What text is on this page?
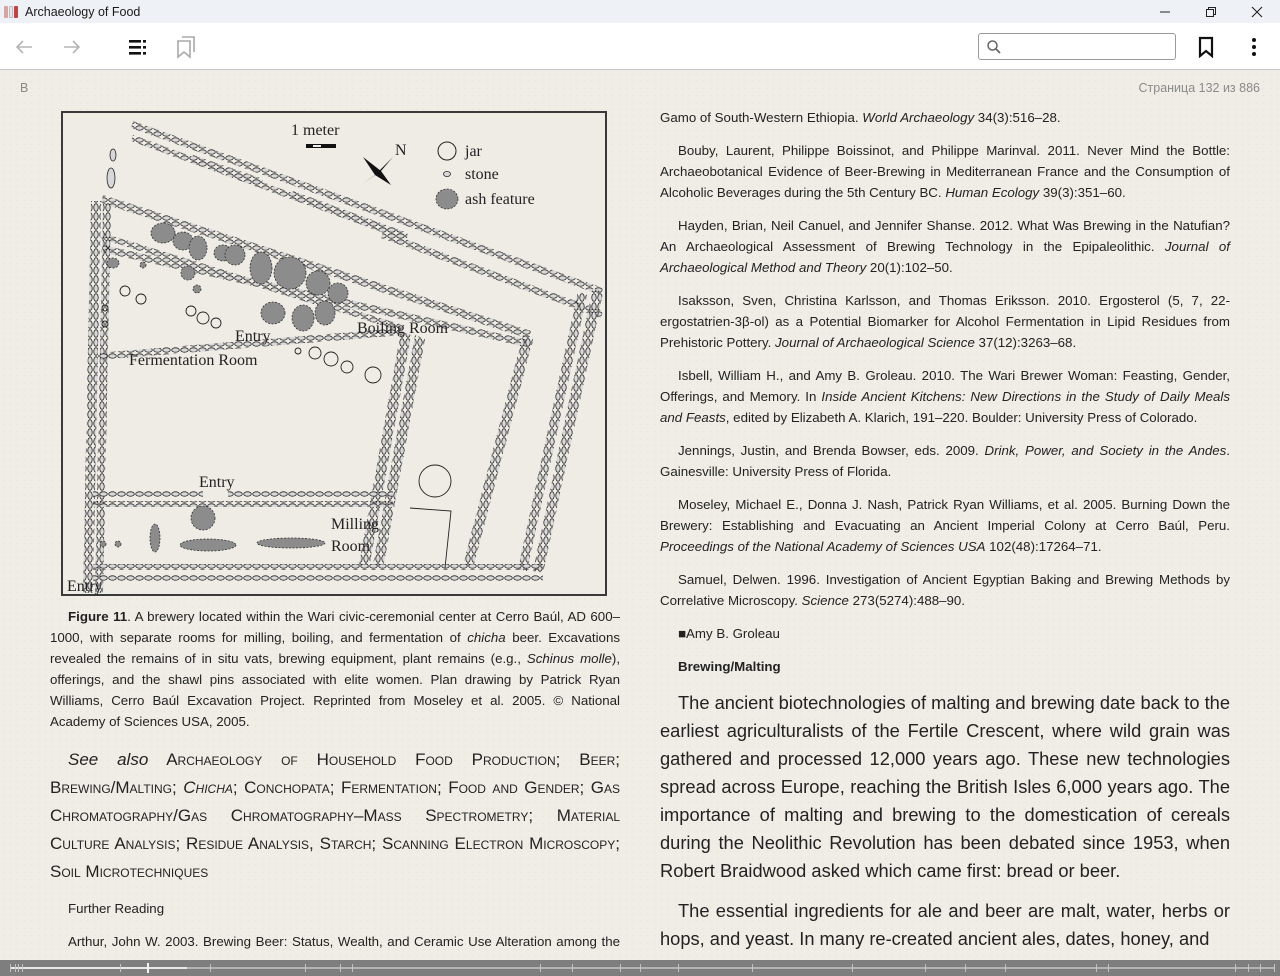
Archaeology of Food
B	Страница 132 из 886
1 meter
N	jar
stone
ash feature
Boiling Room
Entry
Fermentation Room
Entry
Milling
Room
Entry

Figure 11. A brewery located within the Wari civic-ceremonial center at Cerro Baúl, AD 600–1000, with separate rooms for milling, boiling, and fermentation of chicha beer. Excavations revealed the remains of in situ vats, brewing equipment, plant remains (e.g., Schinus molle), offerings, and the shawl pins associated with elite women. Plan drawing by Patrick Ryan Williams, Cerro Baúl Excavation Project. Reprinted from Moseley et al. 2005. © National Academy of Sciences USA, 2005.

See also Archaeology of Household Food Production; Beer; Brewing/Malting; Chicha; Conchopata; Fermentation; Food and Gender; Gas Chromatography/Gas Chromatography–Mass Spectrometry; Material Culture Analysis; Residue Analysis, Starch; Scanning Electron Microscopy; Soil Microtechniques

Further Reading

Arthur, John W. 2003. Brewing Beer: Status, Wealth, and Ceramic Use Alteration among the

Gamo of South-Western Ethiopia. World Archaeology 34(3):516–28.

Bouby, Laurent, Philippe Boissinot, and Philippe Marinval. 2011. Never Mind the Bottle: Archaeobotanical Evidence of Beer-Brewing in Mediterranean France and the Consumption of Alcoholic Beverages during the 5th Century BC. Human Ecology 39(3):351–60.

Hayden, Brian, Neil Canuel, and Jennifer Shanse. 2012. What Was Brewing in the Natufian? An Archaeological Assessment of Brewing Technology in the Epipaleolithic. Journal of Archaeological Method and Theory 20(1):102–50.

Isaksson, Sven, Christina Karlsson, and Thomas Eriksson. 2010. Ergosterol (5, 7, 22-ergostatrien-3β-ol) as a Potential Biomarker for Alcohol Fermentation in Lipid Residues from Prehistoric Pottery. Journal of Archaeological Science 37(12):3263–68.

Isbell, William H., and Amy B. Groleau. 2010. The Wari Brewer Woman: Feasting, Gender, Offerings, and Memory. In Inside Ancient Kitchens: New Directions in the Study of Daily Meals and Feasts, edited by Elizabeth A. Klarich, 191–220. Boulder: University Press of Colorado.

Jennings, Justin, and Brenda Bowser, eds. 2009. Drink, Power, and Society in the Andes. Gainesville: University Press of Florida.

Moseley, Michael E., Donna J. Nash, Patrick Ryan Williams, et al. 2005. Burning Down the Brewery: Establishing and Evacuating an Ancient Imperial Colony at Cerro Baúl, Peru. Proceedings of the National Academy of Sciences USA 102(48):17264–71.

Samuel, Delwen. 1996. Investigation of Ancient Egyptian Baking and Brewing Methods by Correlative Microscopy. Science 273(5274):488–90.

■Amy B. Groleau

Brewing/Malting

The ancient biotechnologies of malting and brewing date back to the earliest agriculturalists of the Fertile Crescent, where wild grain was gathered and processed 12,000 years ago. These new technologies spread across Europe, reaching the British Isles 6,000 years ago. The importance of malting and brewing to the domestication of cereals during the Neolithic Revolution has been debated since 1953, when Robert Braidwood asked which came first: bread or beer.

The essential ingredients for ale and beer are malt, water, herbs or hops, and yeast. In many re-created ancient ales, dates, honey, and
